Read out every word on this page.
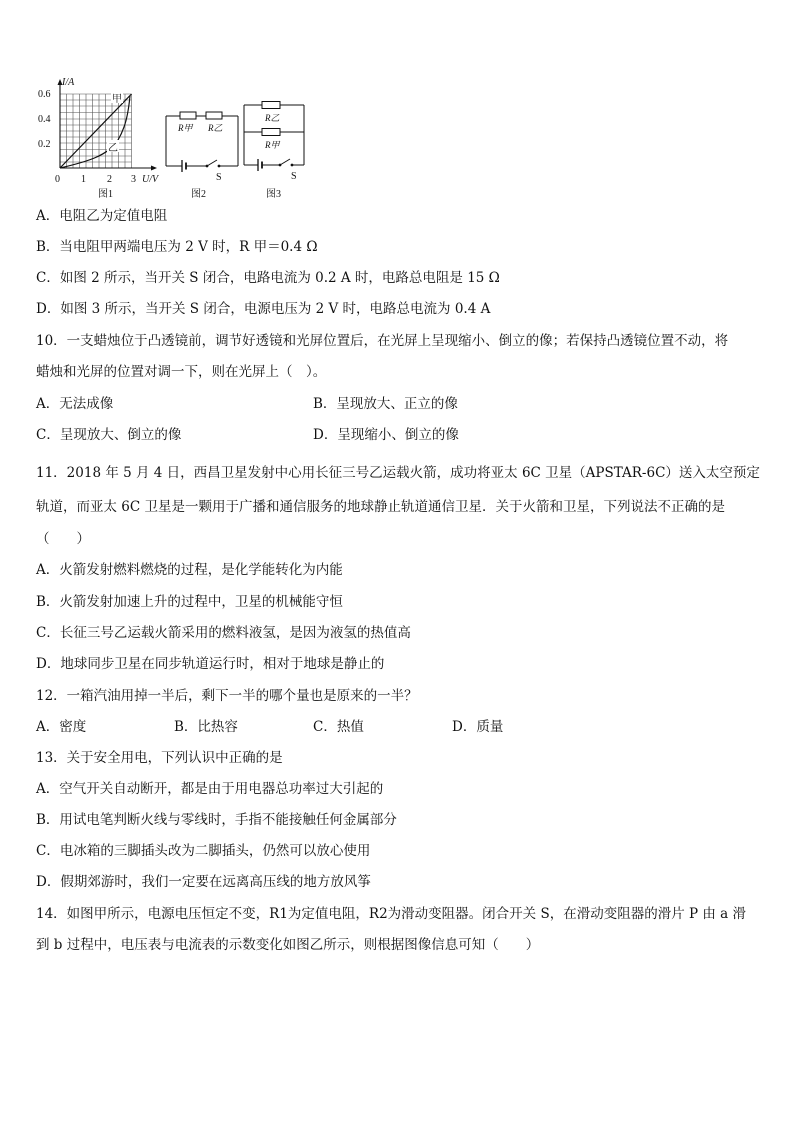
I/A
U/V
0.6
0.4
0.2
0 1 2 3
甲
乙
图1
R甲 R乙
S
图2
R乙
R甲
S
图3
A．电阻乙为定值电阻
B．当电阻甲两端电压为 2 V 时，R 甲＝0.4 Ω
C．如图 2 所示，当开关 S 闭合，电路电流为 0.2 A 时，电路总电阻是 15 Ω
D．如图 3 所示，当开关 S 闭合，电源电压为 2 V 时，电路总电流为 0.4 A
10．一支蜡烛位于凸透镜前，调节好透镜和光屏位置后，在光屏上呈现缩小、倒立的像；若保持凸透镜位置不动，将
蜡烛和光屏的位置对调一下，则在光屏上（　）。
A．无法成像	B．呈现放大、正立的像
C．呈现放大、倒立的像	D．呈现缩小、倒立的像
11．2018 年 5 月 4 日，西昌卫星发射中心用长征三号乙运载火箭，成功将亚太 6C 卫星（APSTAR-6C）送入太空预定
轨道，而亚太 6C 卫星是一颗用于广播和通信服务的地球静止轨道通信卫星．关于火箭和卫星，下列说法不正确的是
（　　）
A．火箭发射燃料燃烧的过程，是化学能转化为内能
B．火箭发射加速上升的过程中，卫星的机械能守恒
C．长征三号乙运载火箭采用的燃料液氢，是因为液氢的热值高
D．地球同步卫星在同步轨道运行时，相对于地球是静止的
12．一箱汽油用掉一半后，剩下一半的哪个量也是原来的一半？
A．密度	B．比热容	C．热值	D．质量
13．关于安全用电，下列认识中正确的是
A．空气开关自动断开，都是由于用电器总功率过大引起的
B．用试电笔判断火线与零线时，手指不能接触任何金属部分
C．电冰箱的三脚插头改为二脚插头，仍然可以放心使用
D．假期郊游时，我们一定要在远离高压线的地方放风筝
14．如图甲所示，电源电压恒定不变，R1为定值电阻，R2为滑动变阻器。闭合开关 S，在滑动变阻器的滑片 P 由 a 滑
到 b 过程中，电压表与电流表的示数变化如图乙所示，则根据图像信息可知（　　）
